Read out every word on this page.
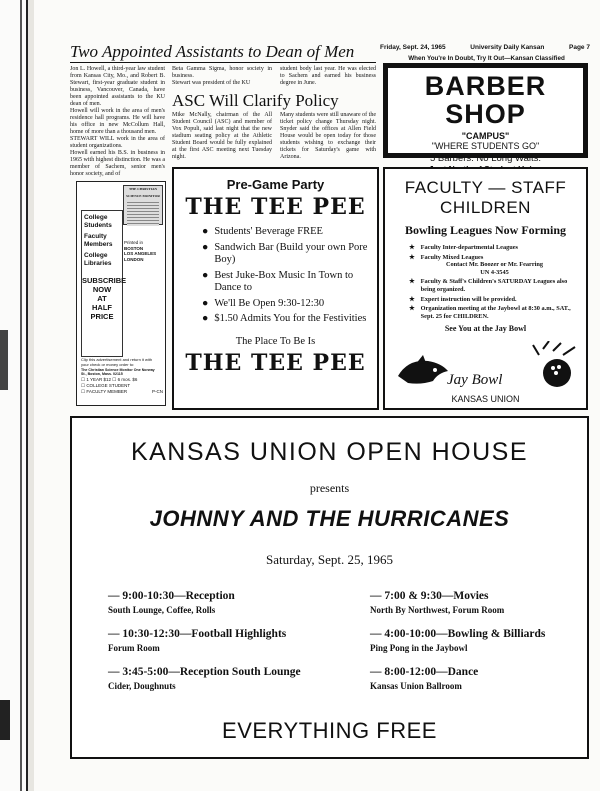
Friday, Sept. 24, 1965	University Daily Kansan	Page 7
Two Appointed Assistants to Dean of Men

Jon L. Howell, a third-year law student from Kansas City, Mo., and Robert B. Stewart, first-year graduate student in business, Vancouver, Canada, have been appointed assistants to the KU dean of men.

Howell will work in the area of men's residence hall programs. He will have his office in new McCollum Hall, home of more than a thousand men.

STEWART WILL work in the area of student organizations.

Howell earned his B.S. in business in 1965 with highest distinction. He was a member of Sachem, senior men's honor society, and of

Beta Gamma Sigma, honor society in business.

Stewart was president of the KU

student body last year. He was elected to Sachem and earned his business degree in June.

ASC Will Clarify Policy

Mike McNally, chairman of the All Student Council (ASC) and member of Vox Populi, said last night that the new stadium seating policy at the Athletic Student Board would be fully explained at the first ASC meeting next Tuesday night.

Many students were still unaware of the ticket policy change Thursday night. Snyder said the offices at Allen Field House would be open today for those students wishing to exchange their tickets for Saturday's game with Arizona.

When You're In Doubt, Try It Out—Kansan Classified
BARBER SHOP
"CAMPUS"
"WHERE STUDENTS GO"
5 Barbers. No Long Waits.
THE CHRISTIAN SCIENCE MONITOR
College
Students
Faculty
Members
College
Libraries
SUBSCRIBE
NOW
AT
HALF
PRICE
Printed in
BOSTON
LOS ANGELES
LONDON
Clip this advertisement and return it with your check or money order to:
The Christian Science Monitor One Norway St., Boston, Mass. 02115
☐ 1 YEAR $12 ☐ 6 mos. $6
☐ COLLEGE STUDENT
☐ FACULTY MEMBER	P-CN
Pre-Game Party
THE TEE PEE
● Students' Beverage FREE
● Sandwich Bar (Build your own Pore Boy)
● Best Juke-Box Music In Town to Dance to
● We'll Be Open 9:30-12:30
● $1.50 Admits You for the Festivities
The Place To Be Is
THE TEE PEE
FACULTY — STAFF
CHILDREN
Bowling Leagues Now Forming
★ Faculty Inter-departmental Leagues
★ Faculty Mixed Leagues
Contact Mr. Boozer or Mr. Fearring
UN 4-3545
★ Faculty & Staff's Children's SATURDAY Leagues also being organized.
★ Expert instruction will be provided.
★ Organization meeting at the Jaybowl at 8:30 a.m., SAT., Sept. 25 for CHILDREN.
See You at the Jay Bowl
Jay Bowl
KANSAS UNION
KANSAS UNION OPEN HOUSE
presents
JOHNNY AND THE HURRICANES
Saturday, Sept. 25, 1965
— 9:00-10:30—Reception
South Lounge, Coffee, Rolls
— 7:00 & 9:30—Movies
North By Northwest, Forum Room
— 10:30-12:30—Football Highlights
Forum Room
— 4:00-10:00—Bowling & Billiards
Ping Pong in the Jaybowl
— 3:45-5:00—Reception South Lounge
Cider, Doughnuts
— 8:00-12:00—Dance
Kansas Union Ballroom
EVERYTHING FREE
